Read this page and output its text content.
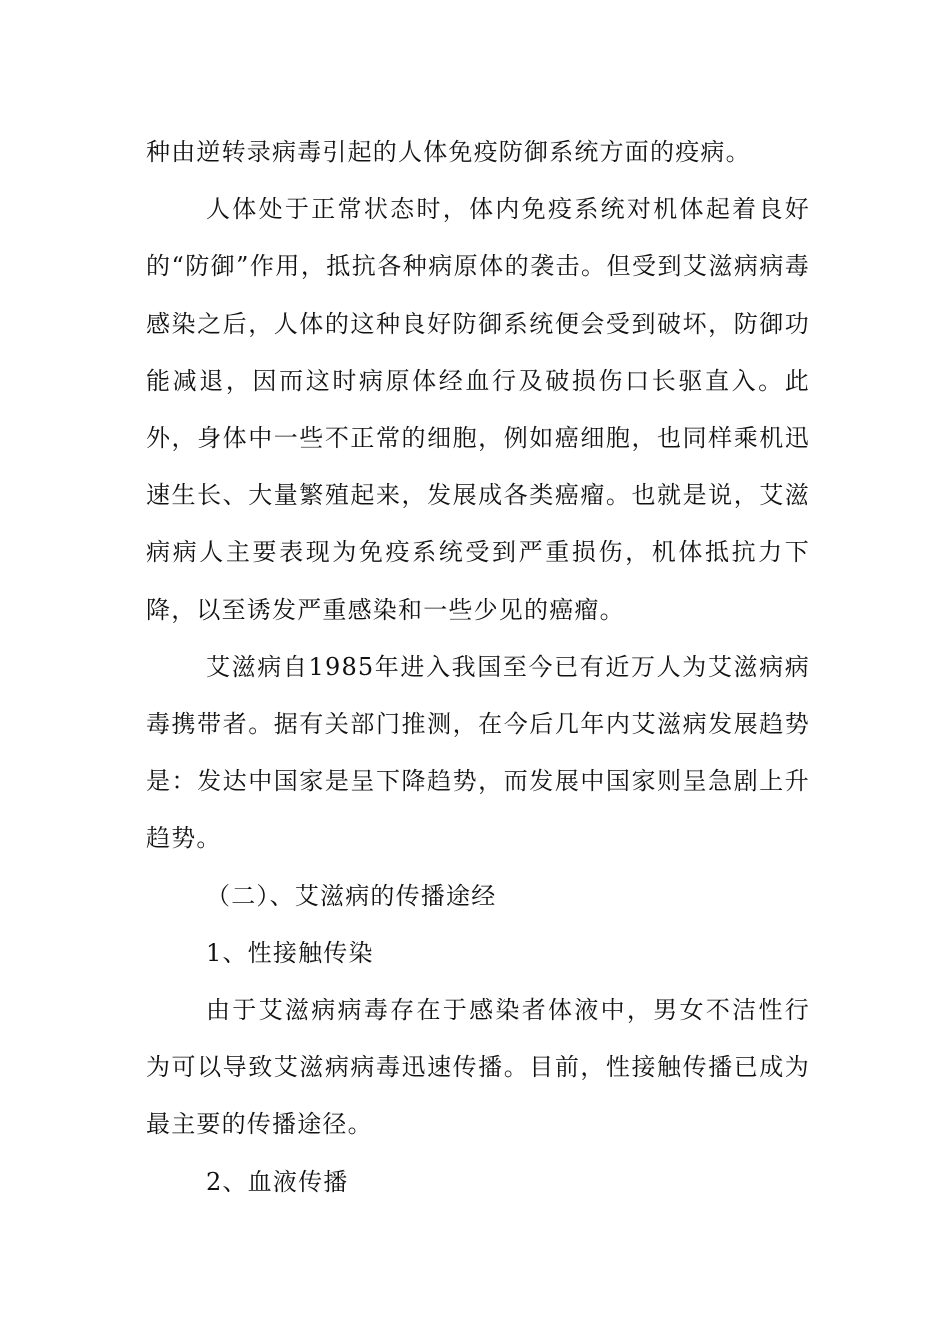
种由逆转录病毒引起的人体免疫防御系统方面的疫病。

人体处于正常状态时，体内免疫系统对机体起着良好的“防御”作用，抵抗各种病原体的袭击。但受到艾滋病病毒感染之后，人体的这种良好防御系统便会受到破坏，防御功能减退，因而这时病原体经血行及破损伤口长驱直入。此外，身体中一些不正常的细胞，例如癌细胞，也同样乘机迅速生长、大量繁殖起来，发展成各类癌瘤。也就是说，艾滋病病人主要表现为免疫系统受到严重损伤，机体抵抗力下降，以至诱发严重感染和一些少见的癌瘤。

艾滋病自1985年进入我国至今已有近万人为艾滋病病毒携带者。据有关部门推测，在今后几年内艾滋病发展趋势是：发达中国家是呈下降趋势，而发展中国家则呈急剧上升趋势。

（二）、艾滋病的传播途经

1、性接触传染

由于艾滋病病毒存在于感染者体液中，男女不洁性行为可以导致艾滋病病毒迅速传播。目前，性接触传播已成为最主要的传播途径。

2、血液传播
